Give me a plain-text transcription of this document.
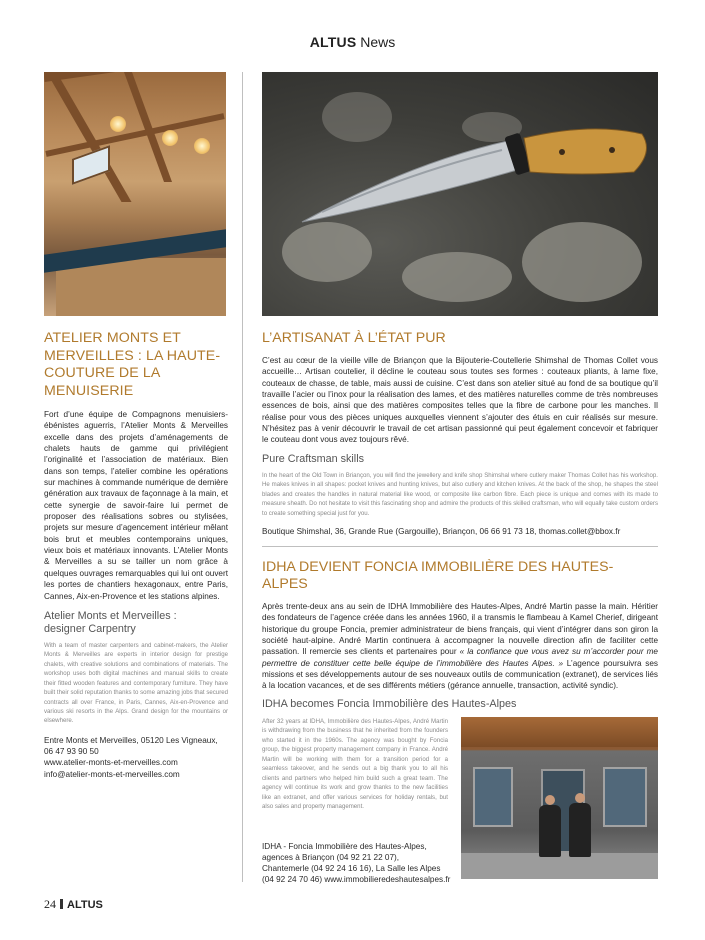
ALTUS News
ATELIER MONTS ET MERVEILLES : LA HAUTE-COUTURE DE LA MENUISERIE
Fort d’une équipe de Compagnons menuisiers-ébénistes aguerris, l’Atelier Monts & Merveilles excelle dans des projets d’aménagements de chalets hauts de gamme qui privilégient l’originalité et l’association de matériaux. Bien dans son temps, l’atelier combine les opérations sur machines à commande numérique de dernière génération aux travaux de façonnage à la main, et cette synergie de savoir-faire lui permet de proposer des réalisations sobres ou stylisées, projets sur mesure d’agencement intérieur mêlant bois brut et meubles contemporains uniques, vieux bois et matériaux innovants. L’Atelier Monts & Merveilles a su se tailler un nom grâce à quelques ouvrages remarquables qui lui ont ouvert les portes de chantiers hexagonaux, entre Paris, Cannes, Aix-en-Provence et les stations alpines.
Atelier Monts et Merveilles :
designer Carpentry
With a team of master carpenters and cabinet-makers, the Atelier Monts & Merveilles are experts in interior design for prestige chalets, with creative solutions and combinations of materials. The workshop uses both digital machines and manual skills to create their fitted wooden features and contemporary furniture. They have built their solid reputation thanks to some amazing jobs that secured contracts all over France, in Paris, Cannes, Aix-en-Provence and various ski resorts in the Alps. Grand design for the mountains or elsewhere.
Entre Monts et Merveilles, 05120 Les Vigneaux,
06 47 93 90 50
www.atelier-monts-et-merveilles.com
info@atelier-monts-et-merveilles.com
L’ARTISANAT À L’ÉTAT PUR
C’est au cœur de la vieille ville de Briançon que la Bijouterie-Coutellerie Shimshal de Thomas Collet vous accueille… Artisan coutelier, il décline le couteau sous toutes ses formes : couteaux pliants, à lame fixe, couteaux de chasse, de table, mais aussi de cuisine. C’est dans son atelier situé au fond de sa boutique qu’il travaille l’acier ou l’inox pour la réalisation des lames, et des matières naturelles comme de très nombreuses essences de bois, ainsi que des matières composites telles que la fibre de carbone pour les manches. Il réalise pour vous des pièces uniques auxquelles viennent s’ajouter des étuis en cuir réalisés sur mesure. N’hésitez pas à venir découvrir le travail de cet artisan passionné qui peut également concevoir et fabriquer le couteau dont vous avez toujours rêvé.
Pure Craftsman skills
In the heart of the Old Town in Briançon, you will find the jewellery and knife shop Shimshal where cutlery maker Thomas Collet has his workshop. He makes knives in all shapes: pocket knives and hunting knives, but also cutlery and kitchen knives. At the back of the shop, he shapes the steel blades and creates the handles in natural material like wood, or composite like carbon fibre. Each piece is unique and comes with its made to measure sheath. Do not hesitate to visit this fascinating shop and admire the products of this skilled craftsman, who will equally take custom orders to create something special just for you.
Boutique Shimshal, 36, Grande Rue (Gargouille), Briançon, 06 66 91 73 18, thomas.collet@bbox.fr
IDHA DEVIENT FONCIA IMMOBILIÈRE DES HAUTES-ALPES
Après trente-deux ans au sein de IDHA Immobilière des Hautes-Alpes, André Martin passe la main. Héritier des fondateurs de l’agence créée dans les années 1960, il a transmis le flambeau à Kamel Cherief, dirigeant historique du groupe Foncia, premier administrateur de biens français, qui vient d’intégrer dans son giron la société haut-alpine. André Martin continuera à accompagner la nouvelle direction afin de faciliter cette passation. Il remercie ses clients et partenaires pour « la confiance que vous avez su m’accorder pour me permettre de constituer cette belle équipe de l’immobilière des Hautes Alpes. » L’agence poursuivra ses missions et ses développements autour de ses nouveaux outils de communication (extranet), de services liés à la location vacances, et de ses différents métiers (gérance annuelle, transaction, activité syndic).
IDHA becomes Foncia Immobilière des Hautes-Alpes
After 32 years at IDHA, Immobilière des Hautes-Alpes, André Martin is withdrawing from the business that he inherited from the founders who started it in the 1960s. The agency was bought by Foncia group, the biggest property management company in France. André Martin will be working with them for a transition period for a seamless takeover, and he sends out a big thank you to all his clients and partners who helped him build such a great team. The agency will continue its work and grow thanks to the new facilities like an extranet, and offer various services for holiday rentals, but also sales and property management.
IDHA - Foncia Immobilière des Hautes-Alpes,
agences à Briançon (04 92 21 22 07),
Chantemerle (04 92 24 16 16), La Salle les Alpes
(04 92 24 70 46) www.immobilieredeshautesalpes.fr
24 ALTUS
